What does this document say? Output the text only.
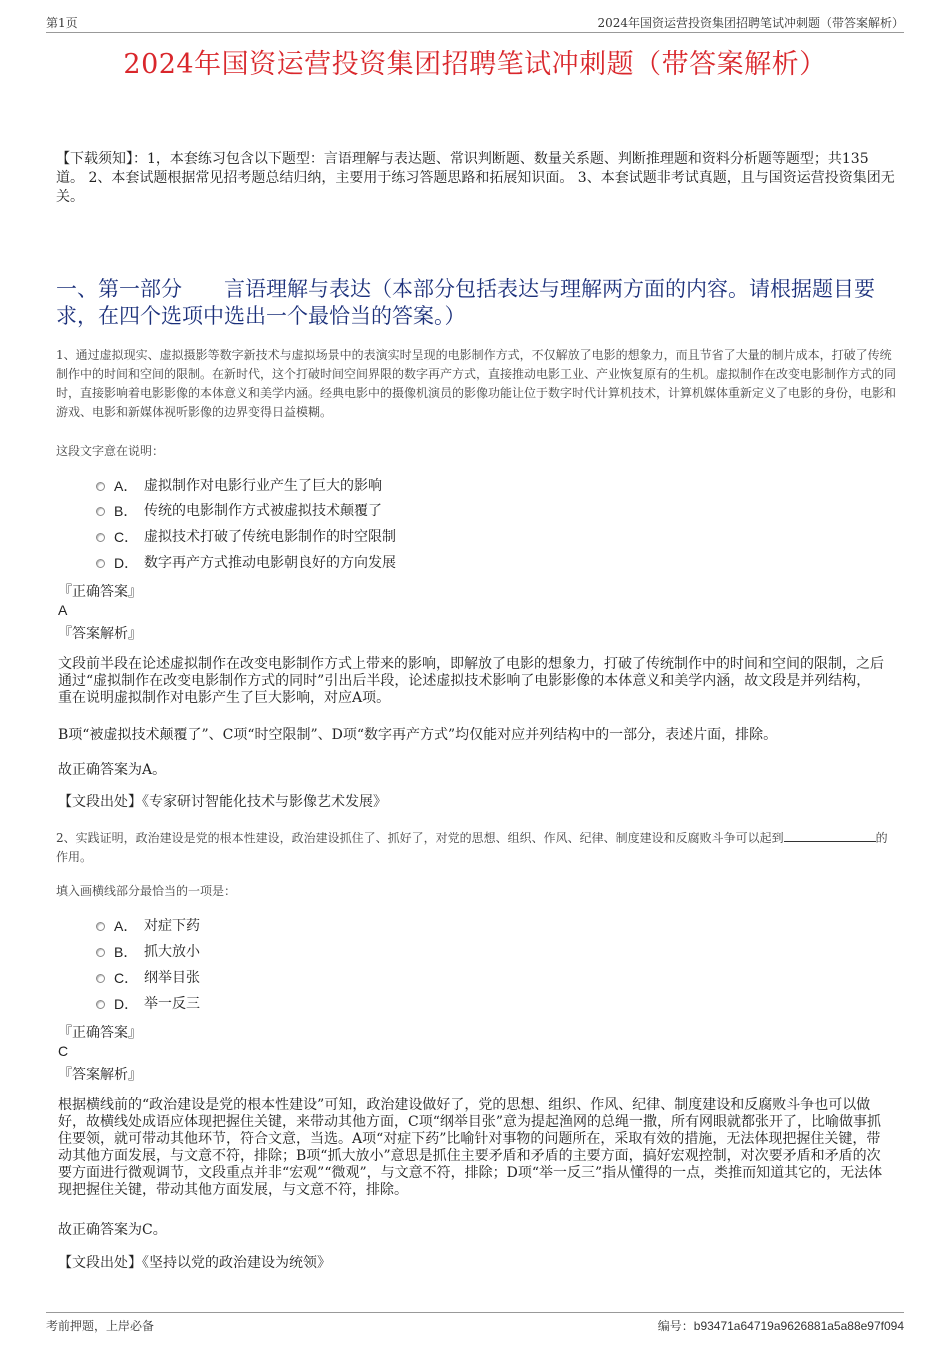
第1页	2024年国资运营投资集团招聘笔试冲刺题（带答案解析）
2024年国资运营投资集团招聘笔试冲刺题（带答案解析）

【下载须知】：1，本套练习包含以下题型：言语理解与表达题、常识判断题、数量关系题、判断推理题和资料分析题等题型；共135道。 2、本套试题根据常见招考题总结归纳，主要用于练习答题思路和拓展知识面。 3、本套试题非考试真题，且与国资运营投资集团无关。

一、第一部分　　言语理解与表达（本部分包括表达与理解两方面的内容。请根据题目要求，在四个选项中选出一个最恰当的答案。）

1、通过虚拟现实、虚拟摄影等数字新技术与虚拟场景中的表演实时呈现的电影制作方式，不仅解放了电影的想象力，而且节省了大量的制片成本，打破了传统制作中的时间和空间的限制。在新时代，这个打破时间空间界限的数字再产方式，直接推动电影工业、产业恢复原有的生机。虚拟制作在改变电影制作方式的同时，直接影响着电影影像的本体意义和美学内涵。经典电影中的摄像机演员的影像功能让位于数字时代计算机技术，计算机媒体重新定义了电影的身份，电影和游戏、电影和新媒体视听影像的边界变得日益模糊。

这段文字意在说明：

A． 虚拟制作对电影行业产生了巨大的影响
B． 传统的电影制作方式被虚拟技术颠覆了
C． 虚拟技术打破了传统电影制作的时空限制
D． 数字再产方式推动电影朝良好的方向发展

『正确答案』

A

『答案解析』

文段前半段在论述虚拟制作在改变电影制作方式上带来的影响，即解放了电影的想象力，打破了传统制作中的时间和空间的限制，之后通过“虚拟制作在改变电影制作方式的同时”引出后半段，论述虚拟技术影响了电影影像的本体意义和美学内涵，故文段是并列结构，重在说明虚拟制作对电影产生了巨大影响，对应A项。

B项“被虚拟技术颠覆了”、C项“时空限制”、D项“数字再产方式”均仅能对应并列结构中的一部分，表述片面，排除。

故正确答案为A。

【文段出处】《专家研讨智能化技术与影像艺术发展》

2、实践证明，政治建设是党的根本性建设，政治建设抓住了、抓好了，对党的思想、组织、作风、纪律、制度建设和反腐败斗争可以起到	的作用。

填入画横线部分最恰当的一项是：

A． 对症下药
B． 抓大放小
C． 纲举目张
D． 举一反三

『正确答案』

C

『答案解析』

根据横线前的“政治建设是党的根本性建设”可知，政治建设做好了，党的思想、组织、作风、纪律、制度建设和反腐败斗争也可以做好，故横线处成语应体现把握住关键，来带动其他方面，C项“纲举目张”意为提起渔网的总绳一撒，所有网眼就都张开了，比喻做事抓住要领，就可带动其他环节，符合文意，当选。A项“对症下药”比喻针对事物的问题所在，采取有效的措施，无法体现把握住关键，带动其他方面发展，与文意不符，排除；B项“抓大放小”意思是抓住主要矛盾和矛盾的主要方面，搞好宏观控制，对次要矛盾和矛盾的次要方面进行微观调节，文段重点并非“宏观”“微观”，与文意不符，排除；D项“举一反三”指从懂得的一点，类推而知道其它的，无法体现把握住关键，带动其他方面发展，与文意不符，排除。

故正确答案为C。

【文段出处】《坚持以党的政治建设为统领》

考前押题，上岸必备	编号：b93471a64719a9626881a5a88e97f094
